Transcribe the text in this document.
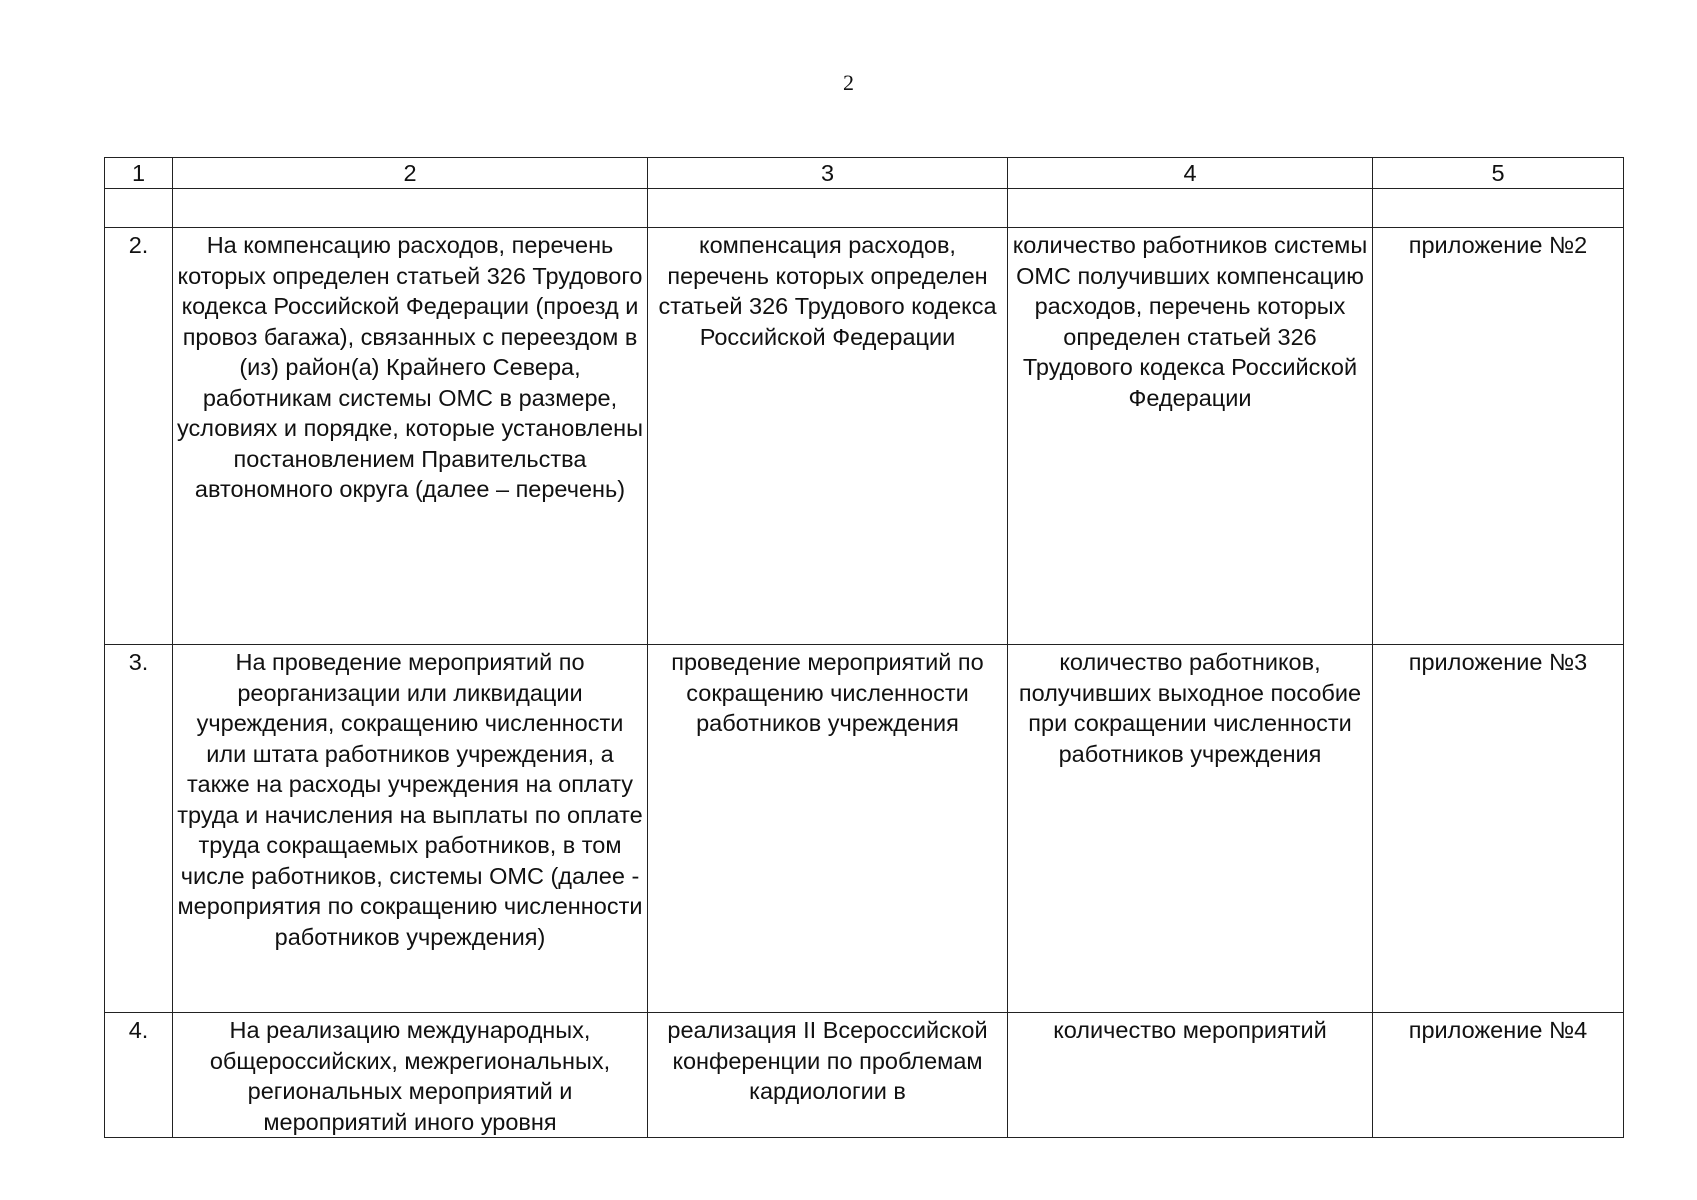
2
1	2	3	4	5

2.	На компенсацию расходов, перечень которых определен статьей 326 Трудового кодекса Российской Федерации (проезд и провоз багажа), связанных с переездом в (из) район(а) Крайнего Севера, работникам системы ОМС в размере, условиях и порядке, которые установлены постановлением Правительства автономного округа (далее – перечень)	компенсация расходов, перечень которых определен статьей 326 Трудового кодекса Российской Федерации	количество работников системы ОМС получивших компенсацию расходов, перечень которых определен статьей 326 Трудового кодекса Российской Федерации	приложение №2
3.	На проведение мероприятий по реорганизации или ликвидации учреждения, сокращению численности или штата работников учреждения, а также на расходы учреждения на оплату труда и начисления на выплаты по оплате труда сокращаемых работников, в том числе работников, системы ОМС (далее - мероприятия по сокращению численности работников учреждения)	проведение мероприятий по сокращению численности работников учреждения	количество работников, получивших выходное пособие при сокращении численности работников учреждения	приложение №3
4.	На реализацию международных, общероссийских, межрегиональных, региональных мероприятий и мероприятий иного уровня	реализация II Всероссийской конференции по проблемам кардиологии в	количество мероприятий	приложение №4
